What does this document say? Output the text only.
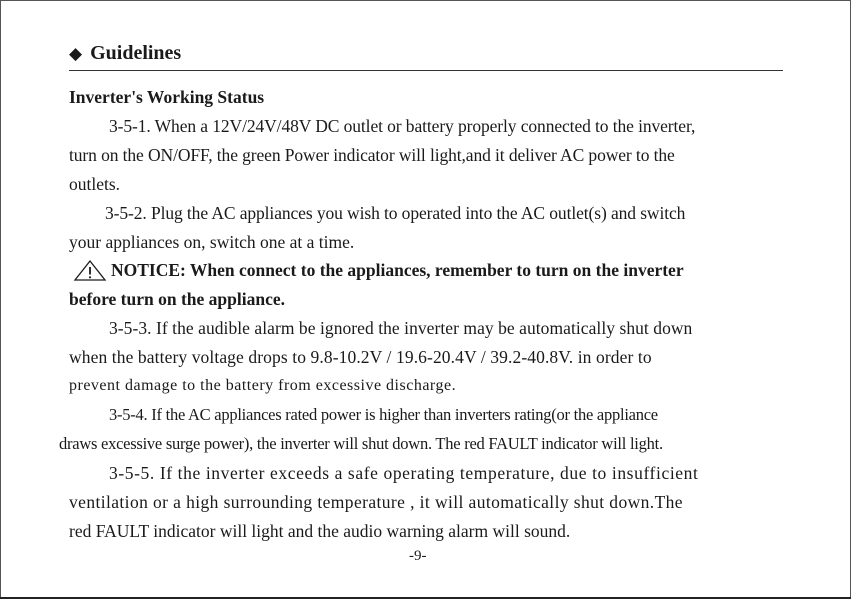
◆ Guidelines
Inverter's Working Status
3-5-1. When a 12V/24V/48V DC outlet or battery properly connected to the inverter,
turn on the ON/OFF, the green Power indicator will light,and it deliver AC power to the
outlets.
3-5-2. Plug the AC appliances you wish to operated into the AC outlet(s) and switch
your appliances on, switch one at a time.
NOTICE: When connect to the appliances, remember to turn on the inverter
before turn on the appliance.
3-5-3. If the audible alarm be ignored the inverter may be automatically shut down
when the battery voltage drops to 9.8-10.2V / 19.6-20.4V / 39.2-40.8V. in order to
prevent damage to the battery from excessive discharge.
3-5-4. If the AC appliances rated power is higher than inverters rating(or the appliance
draws excessive surge power), the inverter will shut down. The red FAULT indicator will light.
3-5-5. If the inverter exceeds a safe operating temperature, due to insufficient
ventilation or a high surrounding temperature , it will automatically shut down.The
red FAULT indicator will light and the audio warning alarm will sound.
-9-
